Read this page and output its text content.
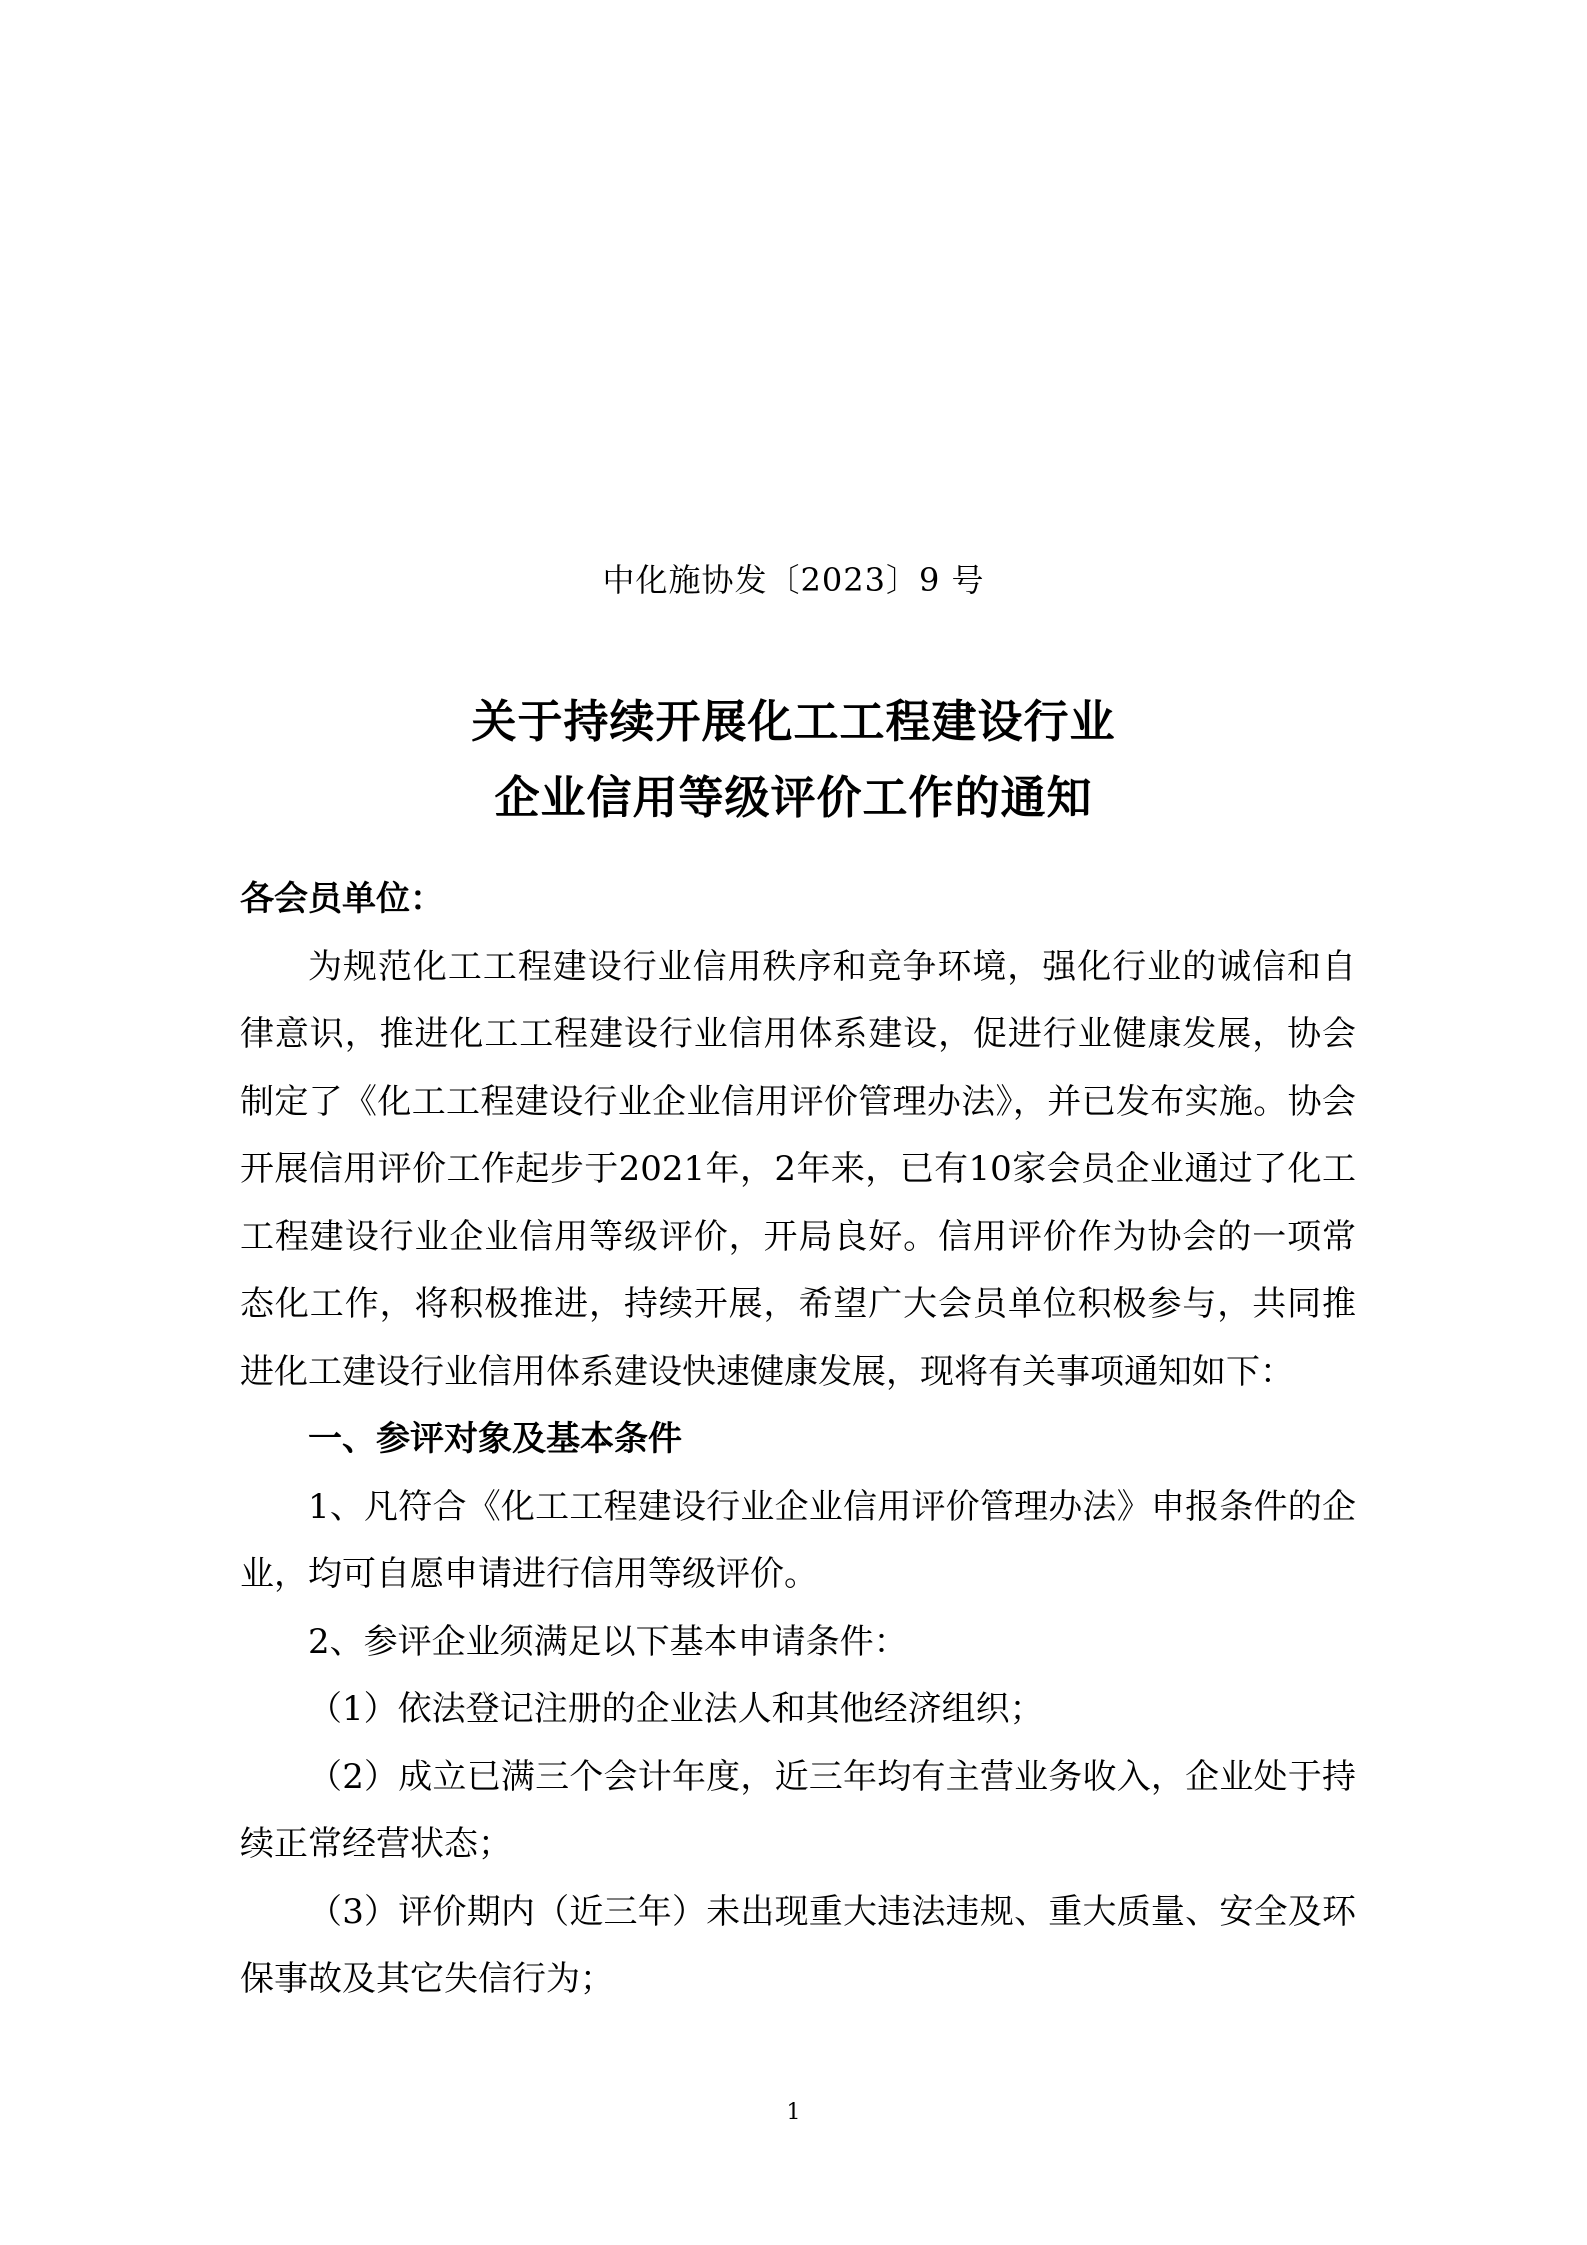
中化施协发〔2023〕9 号
关于持续开展化工工程建设行业
企业信用等级评价工作的通知
各会员单位：
为规范化工工程建设行业信用秩序和竞争环境，强化行业的诚信和自律意识，推进化工工程建设行业信用体系建设，促进行业健康发展，协会制定了《化工工程建设行业企业信用评价管理办法》，并已发布实施。协会开展信用评价工作起步于2021年，2年来，已有10家会员企业通过了化工工程建设行业企业信用等级评价，开局良好。信用评价作为协会的一项常态化工作，将积极推进，持续开展，希望广大会员单位积极参与，共同推进化工建设行业信用体系建设快速健康发展，现将有关事项通知如下：
一、参评对象及基本条件
1、凡符合《化工工程建设行业企业信用评价管理办法》申报条件的企业，均可自愿申请进行信用等级评价。
2、参评企业须满足以下基本申请条件：
（1）依法登记注册的企业法人和其他经济组织；
（2）成立已满三个会计年度，近三年均有主营业务收入，企业处于持续正常经营状态；
（3）评价期内（近三年）未出现重大违法违规、重大质量、安全及环保事故及其它失信行为；
1
